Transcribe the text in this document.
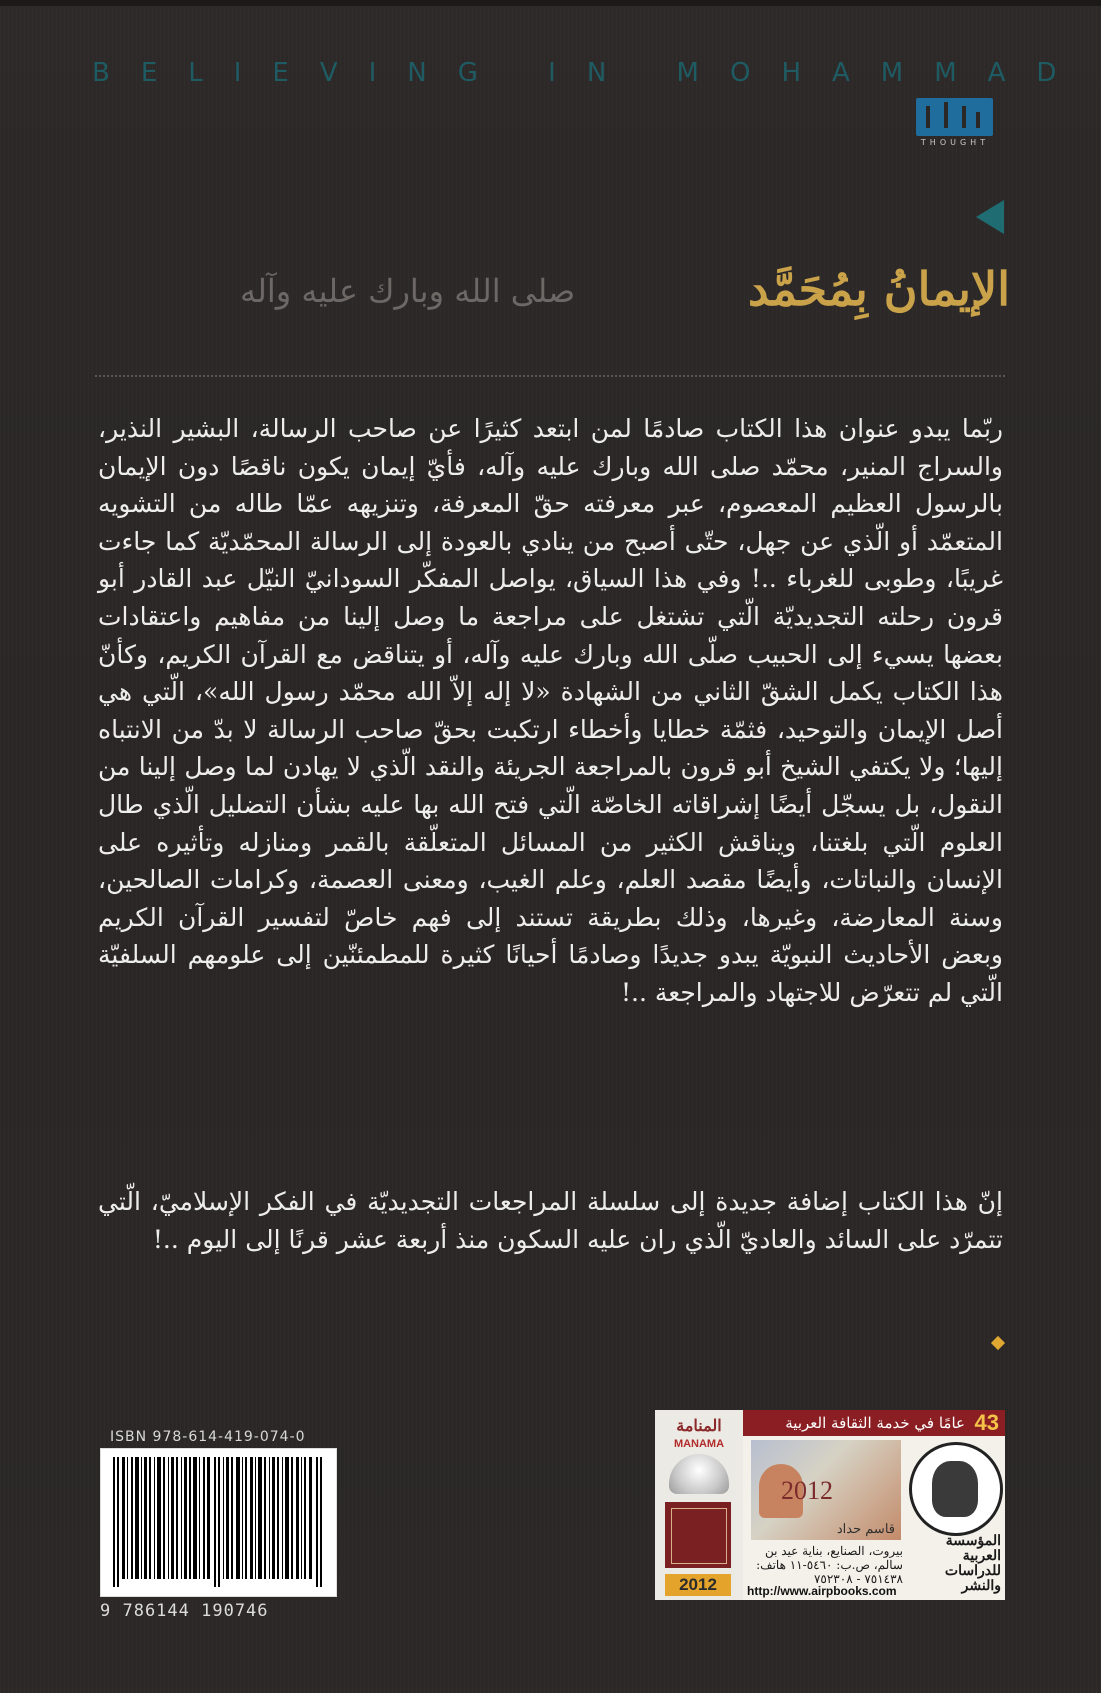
BELIEVING IN MOHAMMAD
THOUGHT
الإيمانُ بِمُحَمَّد
صلى الله وبارك عليه وآله
ربّما يبدو عنوان هذا الكتاب صادمًا لمن ابتعد كثيرًا عن صاحب الرسالة، البشير النذير، والسراج المنير، محمّد صلى الله وبارك عليه وآله، فأيّ إيمان يكون ناقصًا دون الإيمان بالرسول العظيم المعصوم، عبر معرفته حقّ المعرفة، وتنزيهه عمّا طاله من التشويه المتعمّد أو الّذي عن جهل، حتّى أصبح من ينادي بالعودة إلى الرسالة المحمّديّة كما جاءت غريبًا، وطوبى للغرباء ..! وفي هذا السياق، يواصل المفكّر السودانيّ النيّل عبد القادر أبو قرون رحلته التجديديّة الّتي تشتغل على مراجعة ما وصل إلينا من مفاهيم واعتقادات بعضها يسيء إلى الحبيب صلّى الله وبارك عليه وآله، أو يتناقض مع القرآن الكريم، وكأنّ هذا الكتاب يكمل الشقّ الثاني من الشهادة «لا إله إلاّ الله محمّد رسول الله»، الّتي هي أصل الإيمان والتوحيد، فثمّة خطايا وأخطاء ارتكبت بحقّ صاحب الرسالة لا بدّ من الانتباه إليها؛ ولا يكتفي الشيخ أبو قرون بالمراجعة الجريئة والنقد الّذي لا يهادن لما وصل إلينا من النقول، بل يسجّل أيضًا إشراقاته الخاصّة الّتي فتح الله بها عليه بشأن التضليل الّذي طال العلوم الّتي بلغتنا، ويناقش الكثير من المسائل المتعلّقة بالقمر ومنازله وتأثيره على الإنسان والنباتات، وأيضًا مقصد العلم، وعلم الغيب، ومعنى العصمة، وكرامات الصالحين، وسنة المعارضة، وغيرها، وذلك بطريقة تستند إلى فهم خاصّ لتفسير القرآن الكريم وبعض الأحاديث النبويّة يبدو جديدًا وصادمًا أحيانًا كثيرة للمطمئنّين إلى علومهم السلفيّة الّتي لم تتعرّض للاجتهاد والمراجعة ..!
إنّ هذا الكتاب إضافة جديدة إلى سلسلة المراجعات التجديديّة في الفكر الإسلاميّ، الّتي تتمرّد على السائد والعاديّ الّذي ران عليه السكون منذ أربعة عشر قرنًا إلى اليوم ..!
ISBN 978-614-419-074-0
9 786144 190746
المنامة
MANAMA
2012
43
عامًا في خدمة الثقافة العربية
2012
قاسم حداد
المؤسسة العربية للدراسات والنشر
بيروت، الصنايع، بناية عيد بن سالم، ص.ب: ٥٤٦٠-١١ هاتف: ٧٥١٤٣٨ - ٧٥٢٣٠٨
http://www.airpbooks.com
